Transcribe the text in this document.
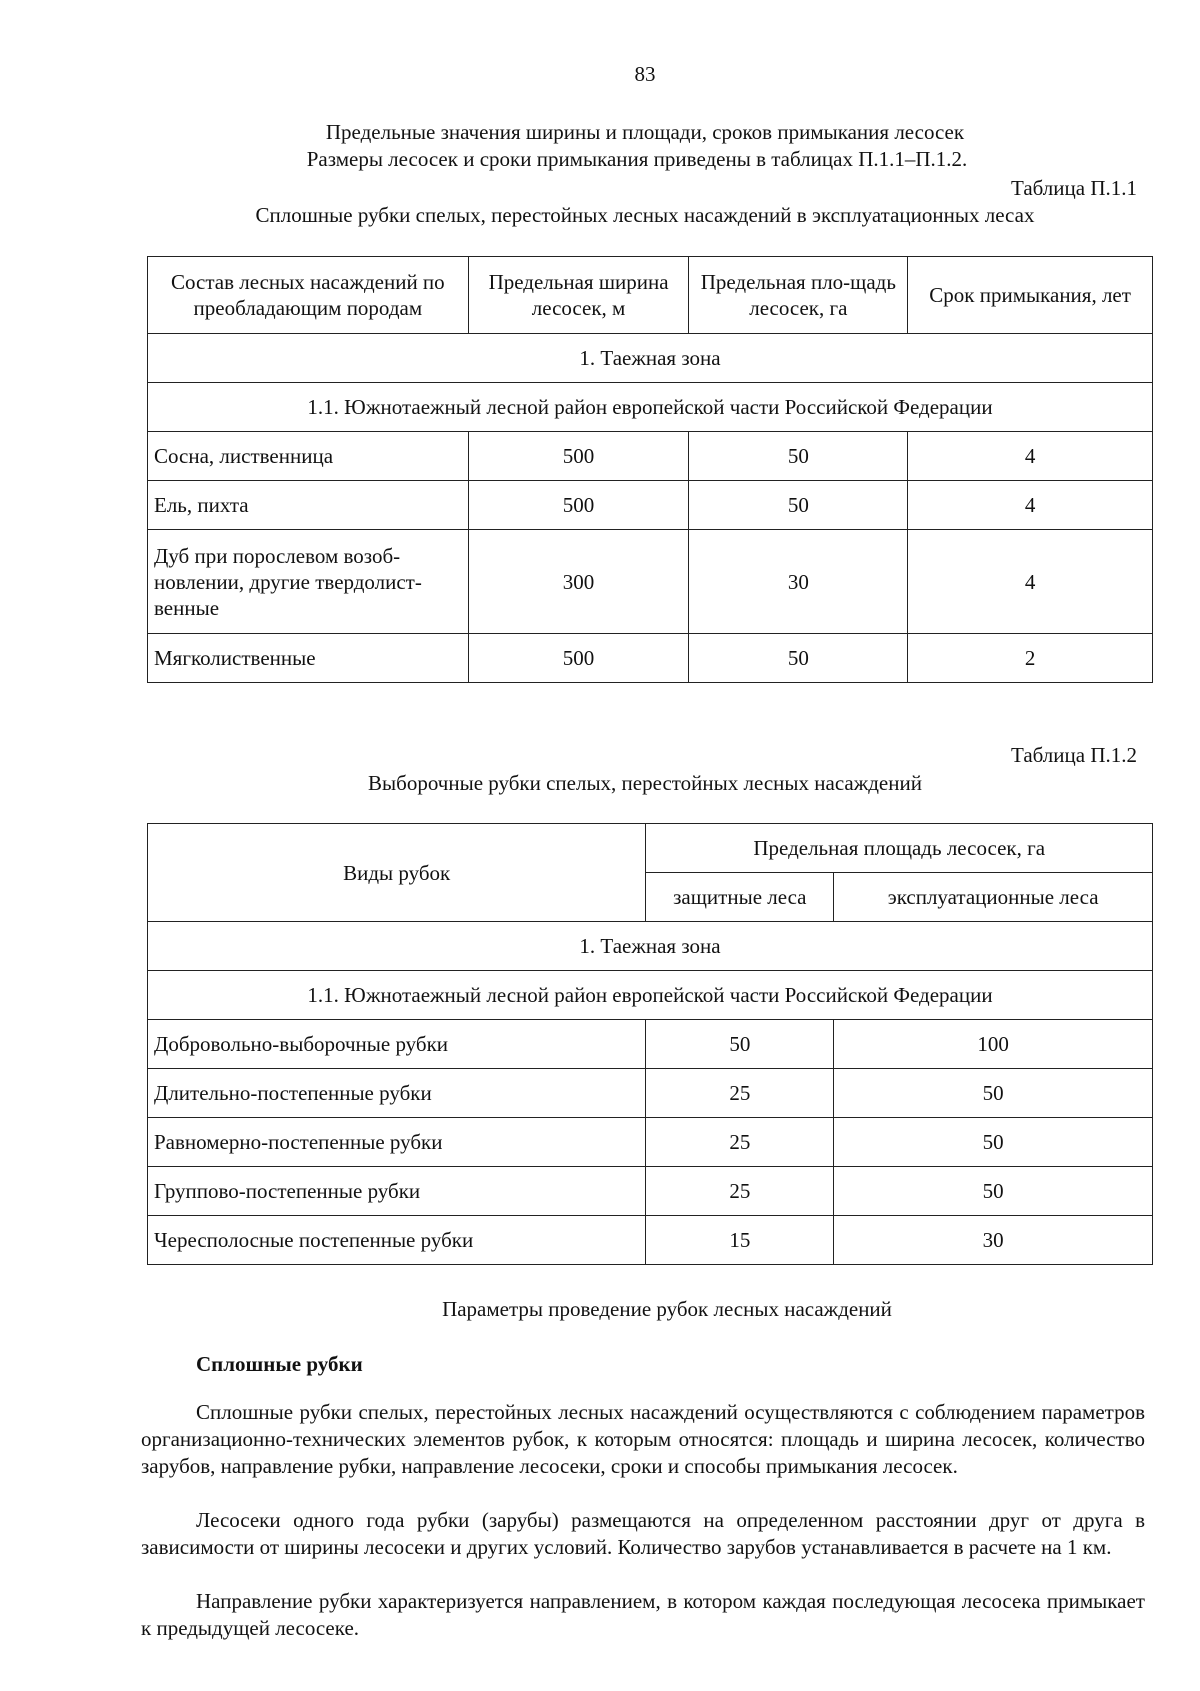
83
Предельные значения ширины и площади, сроков примыкания лесосек
Размеры лесосек и сроки примыкания приведены в таблицах П.1.1–П.1.2.
Таблица П.1.1
Сплошные рубки спелых, перестойных лесных насаждений в эксплуатационных лесах
Состав лесных насаждений по преобладающим породам	Предельная ширина лесосек, м	Предельная пло-щадь лесосек, га	Срок примыкания, лет
1. Таежная зона			
1.1. Южнотаежный лесной район европейской части Российской Федерации			
Сосна, лиственница	500	50	4
Ель, пихта	500	50	4
Дуб при порослевом возоб-новлении, другие твердолист-венные	300	30	4
Мягколиственные	500	50	2
Таблица П.1.2
Выборочные рубки спелых, перестойных лесных насаждений
Виды рубок	Предельная площадь лесосек, га	
	защитные леса	эксплуатационные леса
1. Таежная зона		
1.1. Южнотаежный лесной район европейской части Российской Федерации		
Добровольно-выборочные рубки	50	100
Длительно-постепенные рубки	25	50
Равномерно-постепенные рубки	25	50
Группово-постепенные рубки	25	50
Чересполосные постепенные рубки	15	30
Параметры проведение рубок лесных насаждений
Сплошные рубки
Сплошные рубки спелых, перестойных лесных насаждений осуществляются с соблюдением параметров организационно-технических элементов рубок, к которым относятся: площадь и ширина лесосек, количество зарубов, направление рубки, направление лесосеки, сроки и способы примыкания лесосек.
Лесосеки одного года рубки (зарубы) размещаются на определенном расстоянии друг от друга в зависимости от ширины лесосеки и других условий. Количество зарубов устанавливается в расчете на 1 км.
Направление рубки характеризуется направлением, в котором каждая последующая лесосека примыкает к предыдущей лесосеке.
